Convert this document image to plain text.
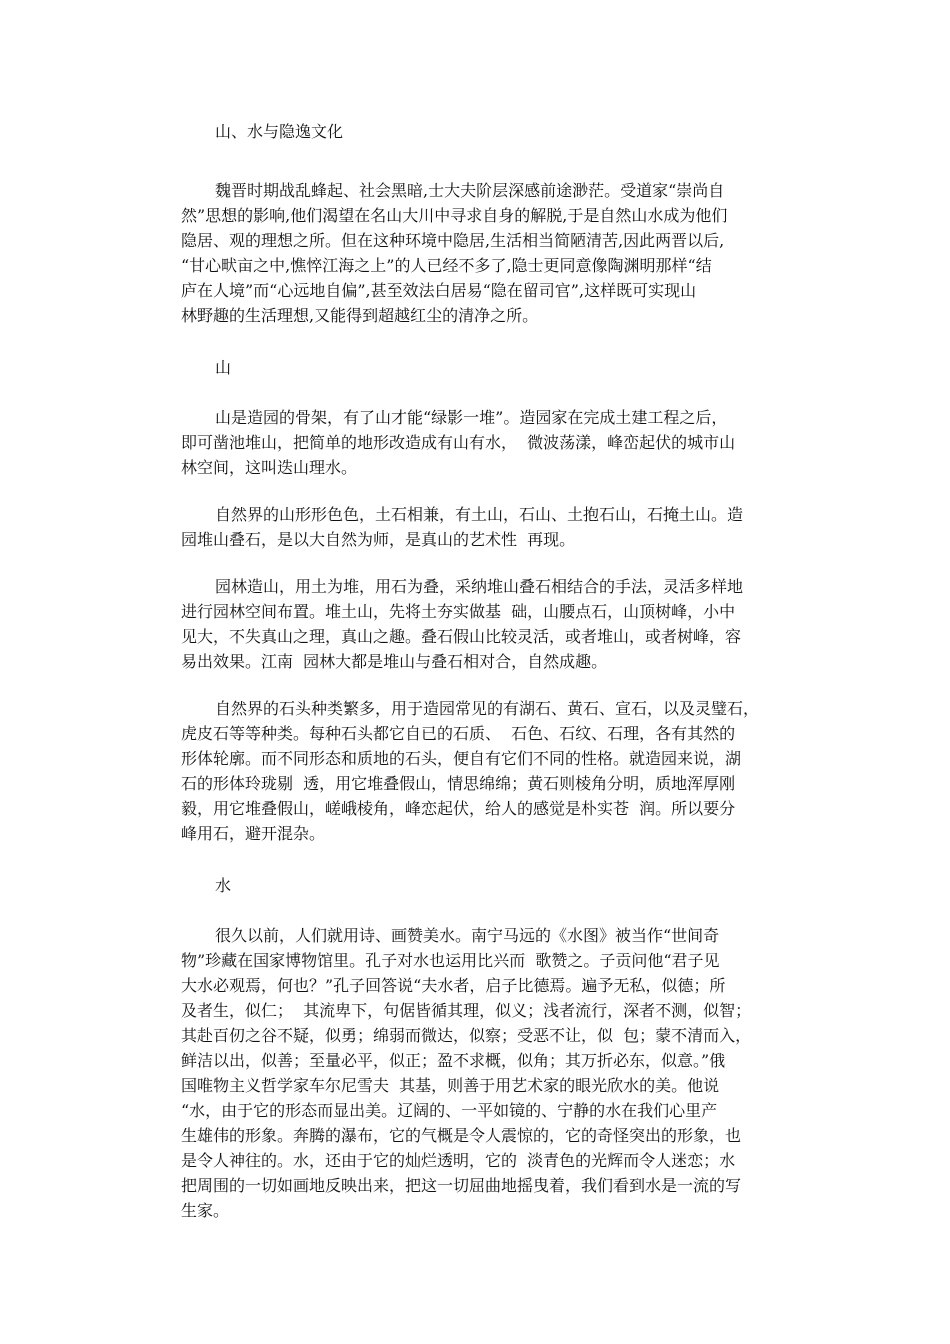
山、水与隐逸文化
魏晋时期战乱蜂起、社会黑暗,士大夫阶层深感前途渺茫。受道家“崇尚自
然”思想的影响,他们渴望在名山大川中寻求自身的解脱,于是自然山水成为他们
隐居、观的理想之所。但在这种环境中隐居,生活相当简陋清苦,因此两晋以后,
“甘心畎亩之中,憔悴江海之上”的人已经不多了,隐士更同意像陶渊明那样“结
庐在人境”而“心远地自偏”,甚至效法白居易“隐在留司官”,这样既可实现山
林野趣的生活理想,又能得到超越红尘的清净之所。
山
山是造园的骨架，有了山才能“绿影一堆”。造园家在完成土建工程之后，
即可凿池堆山，把简单的地形改造成有山有水，  微波荡漾，峰峦起伏的城市山
林空间，这叫迭山理水。
自然界的山形形色色，土石相兼，有土山，石山、土抱石山，石掩土山。造
园堆山叠石，是以大自然为师，是真山的艺术性  再现。
园林造山，用土为堆，用石为叠，采纳堆山叠石相结合的手法，灵活多样地
进行园林空间布置。堆土山，先将土夯实做基  础，山腰点石，山顶树峰，小中
见大，不失真山之理，真山之趣。叠石假山比较灵活，或者堆山，或者树峰，容
易出效果。江南  园林大都是堆山与叠石相对合，自然成趣。
自然界的石头种类繁多，用于造园常见的有湖石、黄石、宣石，以及灵璧石，
虎皮石等等种类。每种石头都它自已的石质、  石色、石纹、石理，各有其然的
形体轮廓。而不同形态和质地的石头，便自有它们不同的性格。就造园来说，湖
石的形体玲珑剔  透，用它堆叠假山，情思绵绵；黄石则棱角分明，质地浑厚刚
毅，用它堆叠假山，嵯峨棱角，峰恋起伏，给人的感觉是朴实苍  润。所以要分
峰用石，避开混杂。
水
很久以前，人们就用诗、画赞美水。南宁马远的《水图》被当作“世间奇
物”珍藏在国家博物馆里。孔子对水也运用比兴而  歌赞之。子贡问他“君子见
大水必观焉，何也？”孔子回答说“夫水者，启子比德焉。遍予无私，似德；所
及者生，似仁；  其流卑下，句倨皆循其理，似义；浅者流行，深者不测，似智；
其赴百仞之谷不疑，似勇；绵弱而微达，似察；受恶不让，似  包；蒙不清而入，
鲜洁以出，似善；至量必平，似正；盈不求概，似角；其万折必东，似意。”俄
国唯物主义哲学家车尔尼雪夫  其基，则善于用艺术家的眼光欣水的美。他说
“水，由于它的形态而显出美。辽阔的、一平如镜的、宁静的水在我们心里产
生雄伟的形象。奔腾的瀑布，它的气概是令人震惊的，它的奇怪突出的形象，也
是令人神往的。水，还由于它的灿烂透明，它的  淡青色的光辉而令人迷恋；水
把周围的一切如画地反映出来，把这一切屈曲地摇曳着，我们看到水是一流的写
生家。
